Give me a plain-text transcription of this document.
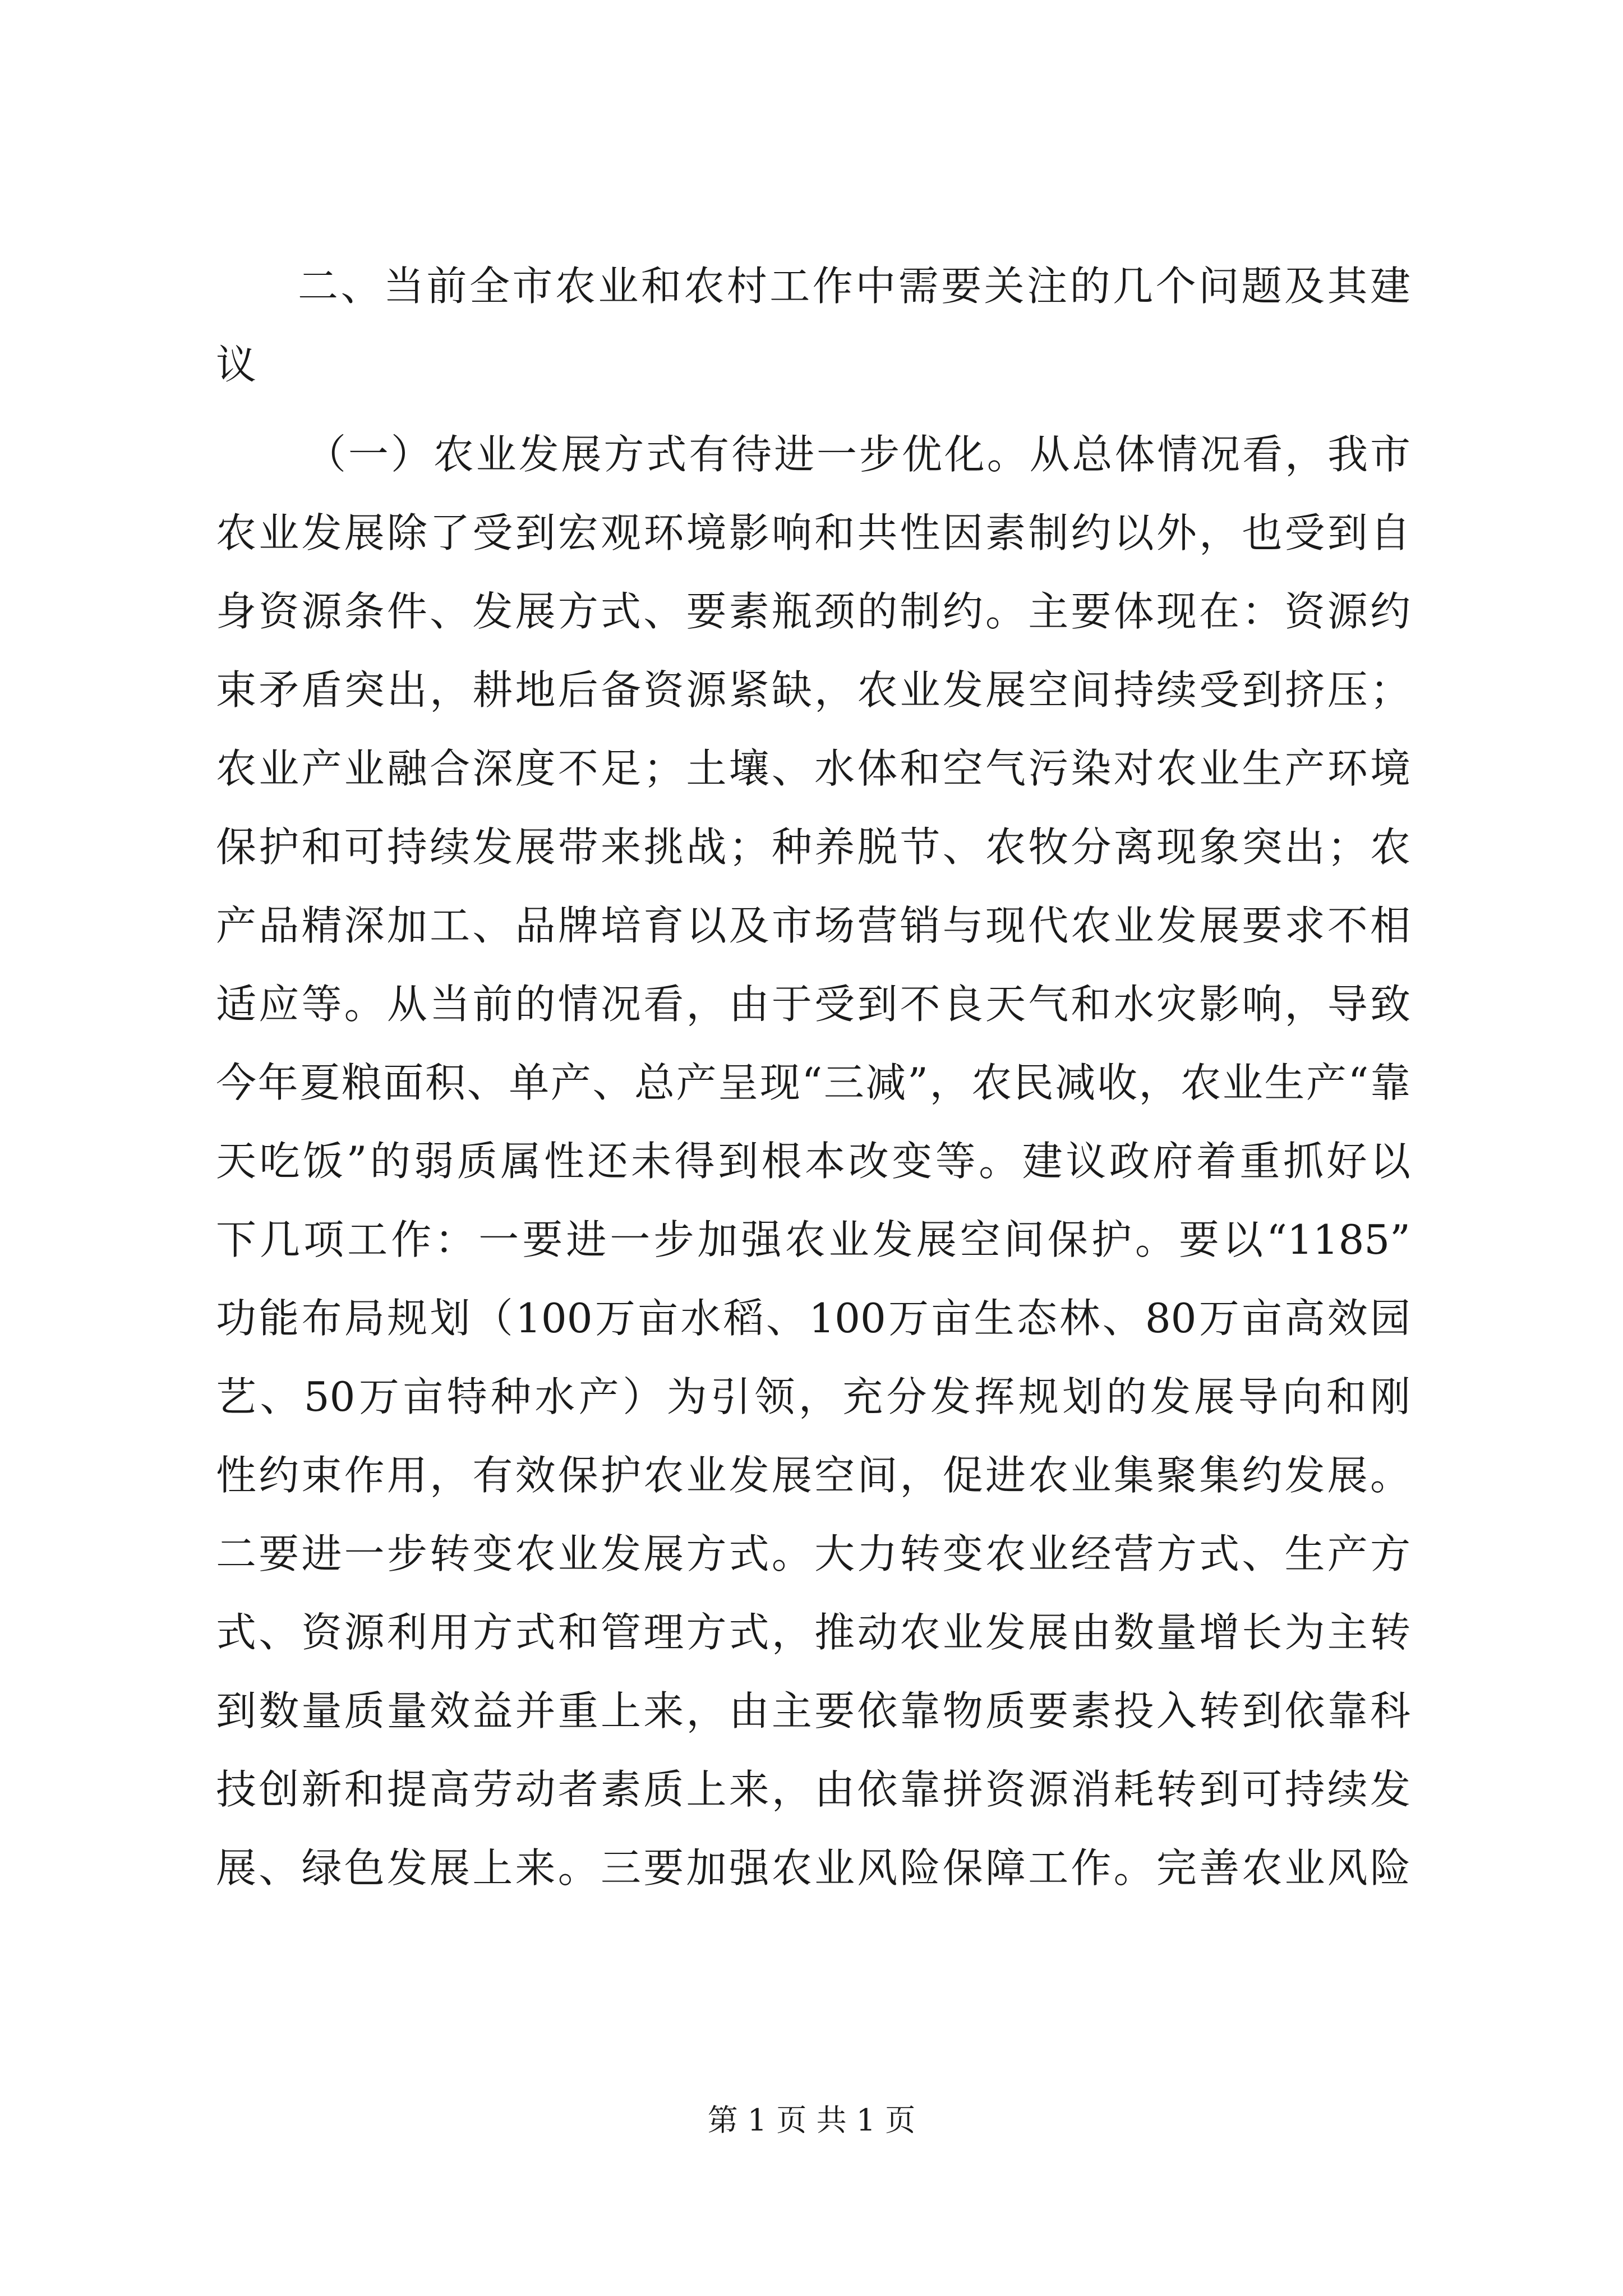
二、当前全市农业和农村工作中需要关注的几个问题及其建
议
（一）农业发展方式有待进一步优化。从总体情况看，我市
农业发展除了受到宏观环境影响和共性因素制约以外，也受到自
身资源条件、发展方式、要素瓶颈的制约。主要体现在：资源约
束矛盾突出，耕地后备资源紧缺，农业发展空间持续受到挤压；
农业产业融合深度不足；土壤、水体和空气污染对农业生产环境
保护和可持续发展带来挑战；种养脱节、农牧分离现象突出；农
产品精深加工、品牌培育以及市场营销与现代农业发展要求不相
适应等。从当前的情况看，由于受到不良天气和水灾影响，导致
今年夏粮面积、单产、总产呈现“三减”，农民减收，农业生产“靠
天吃饭”的弱质属性还未得到根本改变等。建议政府着重抓好以
下几项工作：一要进一步加强农业发展空间保护。要以“1185”
功能布局规划（100万亩水稻、100万亩生态林、80万亩高效园
艺、50万亩特种水产）为引领，充分发挥规划的发展导向和刚
性约束作用，有效保护农业发展空间，促进农业集聚集约发展。
二要进一步转变农业发展方式。大力转变农业经营方式、生产方
式、资源利用方式和管理方式，推动农业发展由数量增长为主转
到数量质量效益并重上来，由主要依靠物质要素投入转到依靠科
技创新和提高劳动者素质上来，由依靠拼资源消耗转到可持续发
展、绿色发展上来。三要加强农业风险保障工作。完善农业风险
第 1 页 共 1 页
